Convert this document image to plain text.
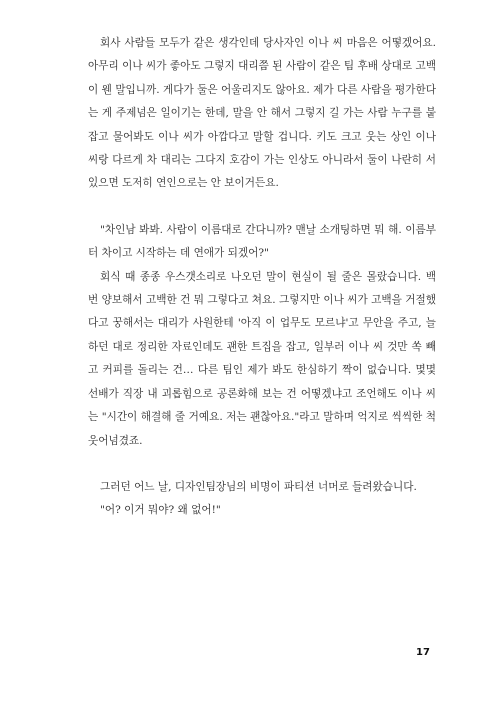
회사 사람들 모두가 같은 생각인데 당사자인 이나 씨 마음은 어떻겠어요. 아무리 이나 씨가 좋아도 그렇지 대리쯤 된 사람이 같은 팀 후배 상대로 고백이 웬 말입니까. 게다가 둘은 어울리지도 않아요. 제가 다른 사람을 평가한다는 게 주제넘은 일이기는 한데, 말을 안 해서 그렇지 길 가는 사람 누구를 붙잡고 물어봐도 이나 씨가 아깝다고 말할 겁니다. 키도 크고 웃는 상인 이나 씨랑 다르게 차 대리는 그다지 호감이 가는 인상도 아니라서 둘이 나란히 서 있으면 도저히 연인으로는 안 보이거든요.

"차인남 봐봐. 사람이 이름대로 간다니까? 맨날 소개팅하면 뭐 해. 이름부터 차이고 시작하는 데 연애가 되겠어?"

회식 때 종종 우스갯소리로 나오던 말이 현실이 될 줄은 몰랐습니다. 백 번 양보해서 고백한 건 뭐 그렇다고 쳐요. 그렇지만 이나 씨가 고백을 거절했다고 꿍해서는 대리가 사원한테 '아직 이 업무도 모르냐'고 무안을 주고, 늘 하던 대로 정리한 자료인데도 괜한 트집을 잡고, 일부러 이나 씨 것만 쏙 빼고 커피를 돌리는 건… 다른 팀인 제가 봐도 한심하기 짝이 없습니다. 몇몇 선배가 직장 내 괴롭힘으로 공론화해 보는 건 어떻겠냐고 조언해도 이나 씨는 "시간이 해결해 줄 거예요. 저는 괜찮아요."라고 말하며 억지로 씩씩한 척 웃어넘겼죠.

그러던 어느 날, 디자인팀장님의 비명이 파티션 너머로 들려왔습니다.

"어? 이거 뭐야? 왜 없어!"

17
